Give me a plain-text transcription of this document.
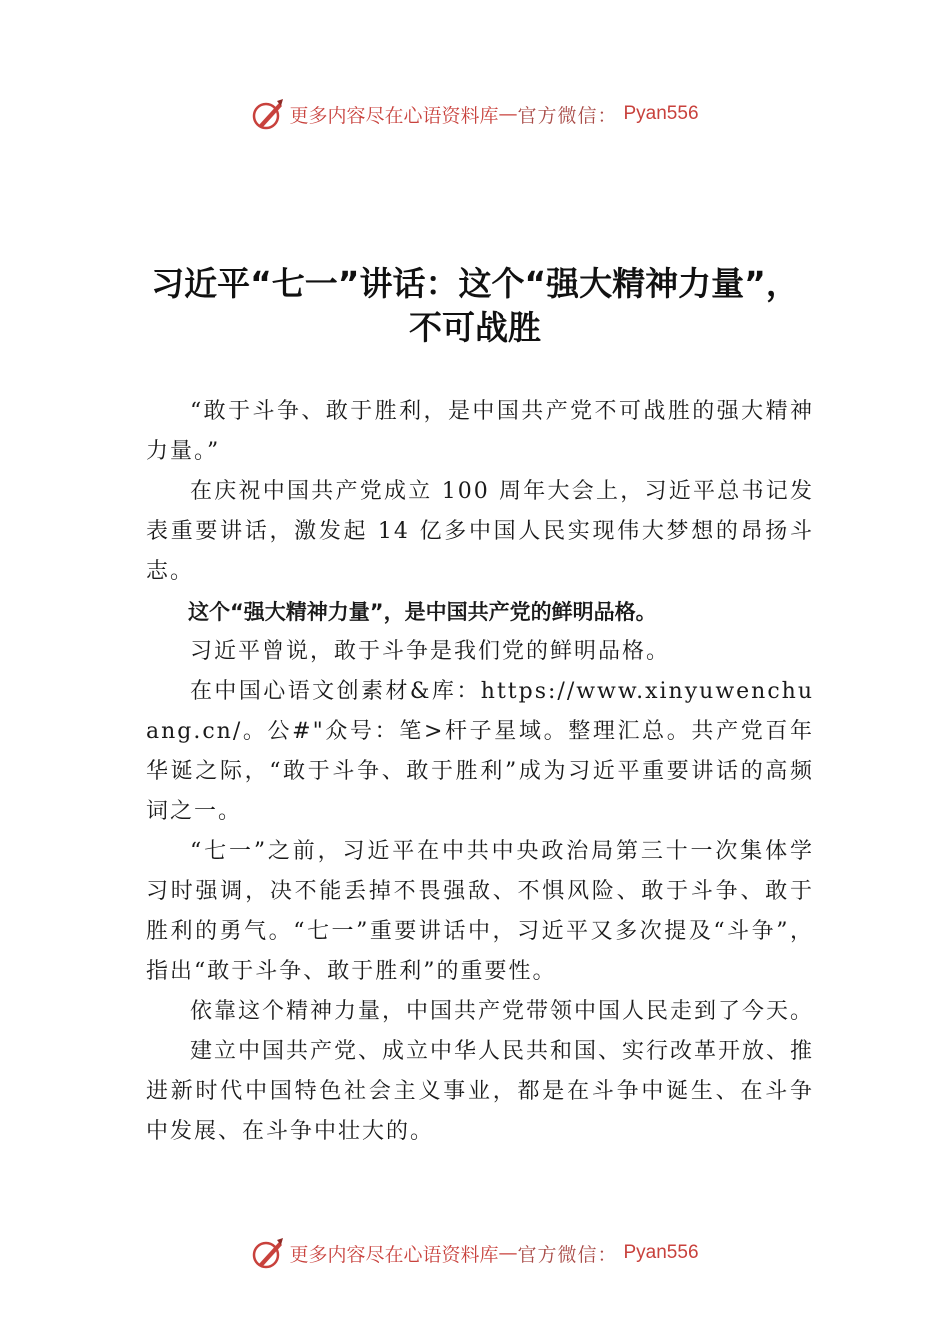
更多内容尽在心语资料库 — 官方微信： Pyan556
习近平“七一”讲话：这个“强大精神力量”，不可战胜

“敢于斗争、敢于胜利，是中国共产党不可战胜的强大精神力量。”

在庆祝中国共产党成立 100 周年大会上，习近平总书记发表重要讲话，激发起 14 亿多中国人民实现伟大梦想的昂扬斗志。

这个“强大精神力量”，是中国共产党的鲜明品格。

习近平曾说，敢于斗争是我们党的鲜明品格。

在中国心语文创素材&库：https://www.xinyuwenchuang.cn/。公#"众号：笔>杆子星域。整理汇总。共产党百年华诞之际，“敢于斗争、敢于胜利”成为习近平重要讲话的高频词之一。

“七一”之前，习近平在中共中央政治局第三十一次集体学习时强调，决不能丢掉不畏强敌、不惧风险、敢于斗争、敢于胜利的勇气。“七一”重要讲话中，习近平又多次提及“斗争”，指出“敢于斗争、敢于胜利”的重要性。

依靠这个精神力量，中国共产党带领中国人民走到了今天。

建立中国共产党、成立中华人民共和国、实行改革开放、推进新时代中国特色社会主义事业，都是在斗争中诞生、在斗争中发展、在斗争中壮大的。

更多内容尽在心语资料库 — 官方微信： Pyan556
